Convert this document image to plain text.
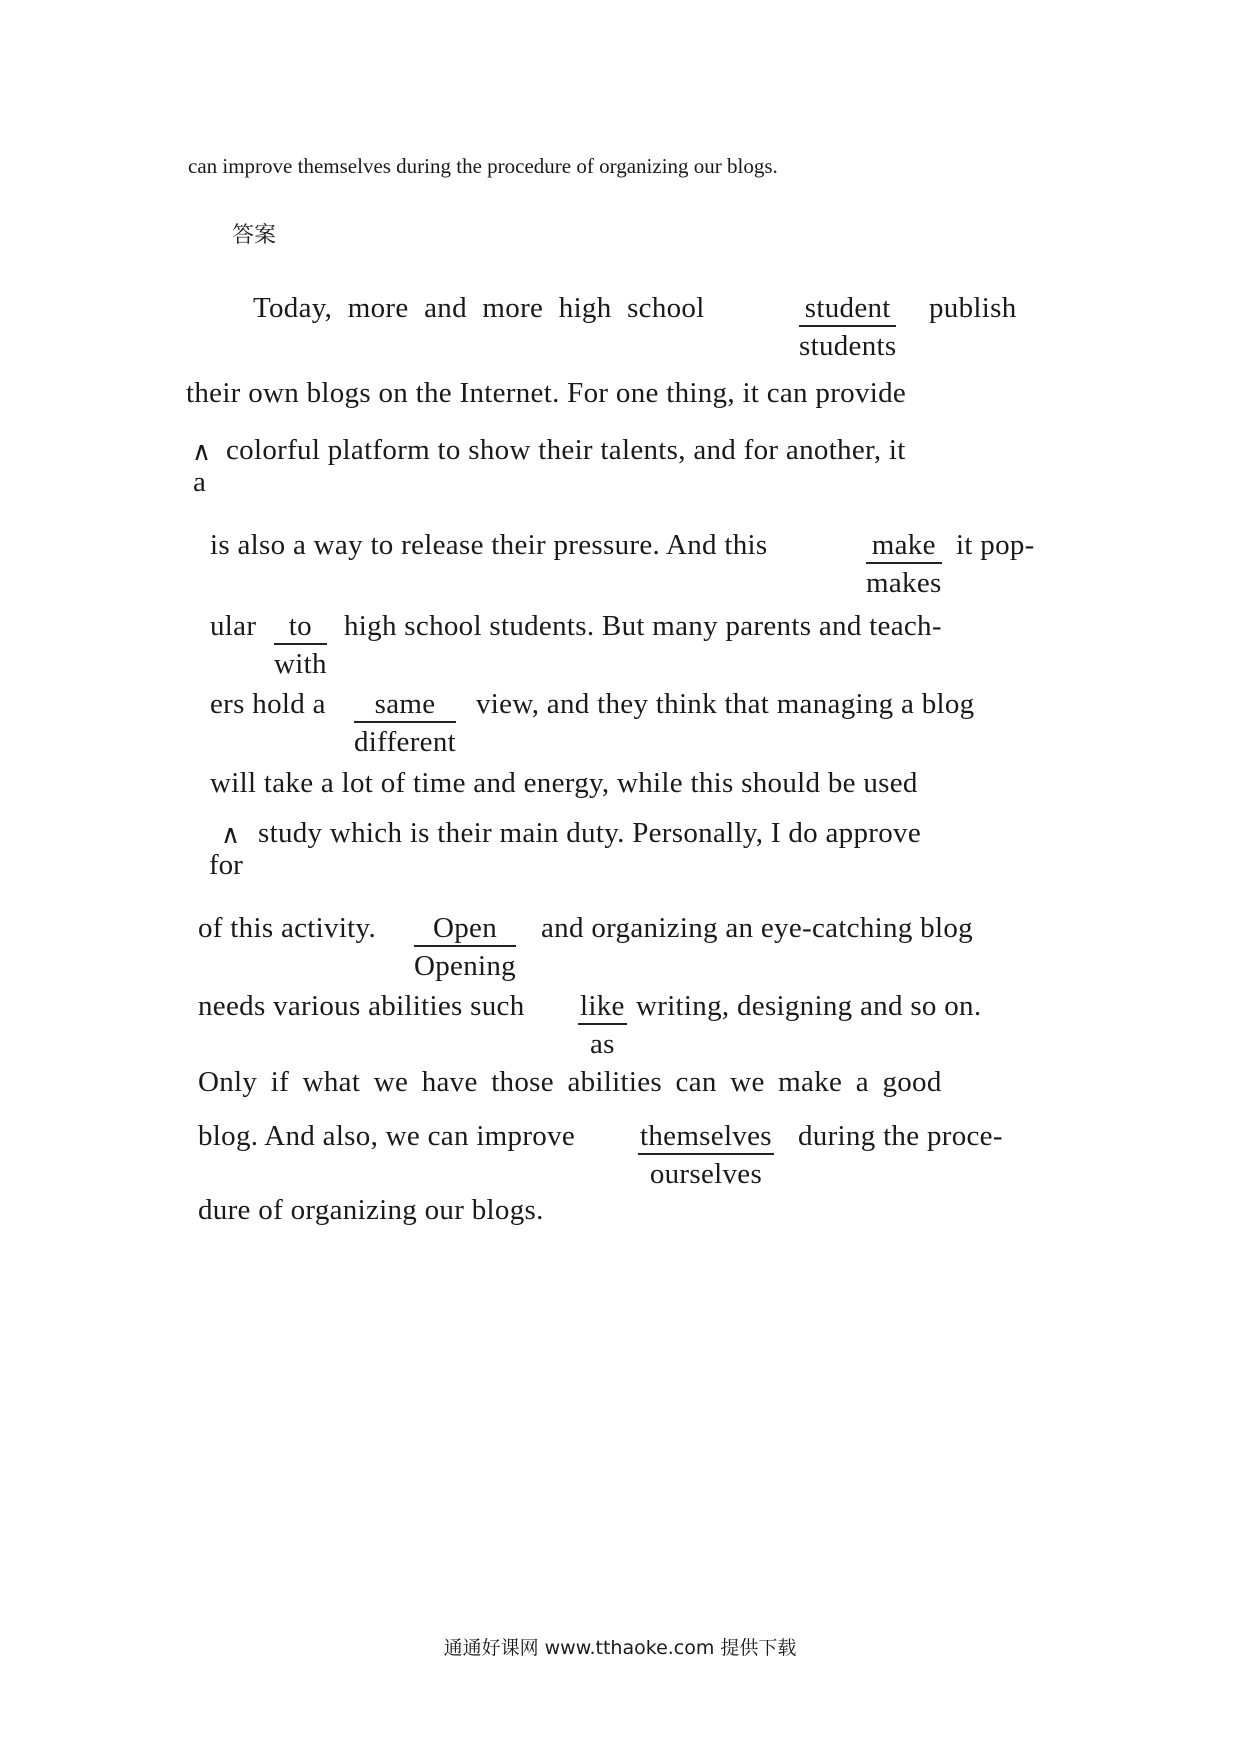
can improve themselves during the procedure of organizing our blogs.
答案
Today, more and more high school	student
students
publish
their own blogs on the Internet. For one thing, it can provide
∧ colorful platform to show their talents, and for another, it
a
is also a way to release their pressure. And this	make
makes
it pop-
ular	to
with
high school students. But many parents and teach-
ers hold a	same
different
view, and they think that managing a blog
will take a lot of time and energy, while this should be used
∧ study which is their main duty. Personally, I do approve
for
of this activity.	Open
Opening
and organizing an eye-catching blog
needs various abilities such like
as
writing, designing and so on.
Only if what we have those abilities can we make a good
blog. And also, we can improve themselves
ourselves
during the proce-
dure of organizing our blogs.
通通好课网 www.tthaoke.com 提供下载
